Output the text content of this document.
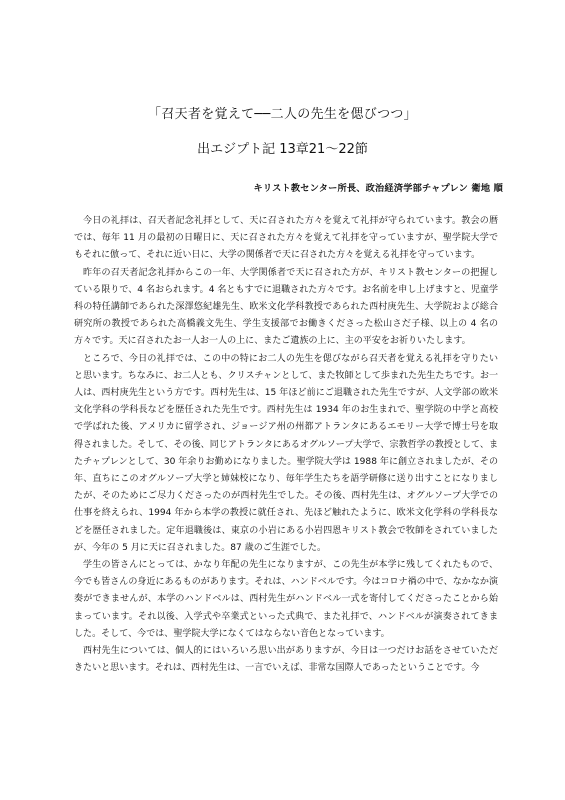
「召天者を覚えて──二人の先生を偲びつつ」
出エジプト記 13章21～22節
キリスト教センター所長、政治経済学部チャプレン 衛地 順

今日の礼拝は、召天者記念礼拝として、天に召された方々を覚えて礼拝が守られています。教会の暦では、毎年 11 月の最初の日曜日に、天に召された方々を覚えて礼拝を守っていますが、聖学院大学でもそれに倣って、それに近い日に、大学の関係者で天に召された方々を覚える礼拝を守っています。

昨年の召天者記念礼拝からこの一年、大学関係者で天に召された方が、キリスト教センターの把握している限りで、4 名おられます。4 名ともすでに退職された方々です。お名前を申し上げますと、児童学科の特任講師であられた深澤悠紀雄先生、欧米文化学科教授であられた西村庚先生、大学院および総合研究所の教授であられた高橋義文先生、学生支援部でお働きくださった松山さだ子様、以上の 4 名の方々です。天に召されたお一人お一人の上に、またご遺族の上に、主の平安をお祈りいたします。

ところで、今日の礼拝では、この中の特にお二人の先生を偲びながら召天者を覚える礼拝を守りたいと思います。ちなみに、お二人とも、クリスチャンとして、また牧師として歩まれた先生たちです。お一人は、西村庚先生という方です。西村先生は、15 年ほど前にご退職された先生ですが、人文学部の欧米文化学科の学科長などを歴任された先生です。西村先生は 1934 年のお生まれで、聖学院の中学と高校で学ばれた後、アメリカに留学され、ジョージア州の州都アトランタにあるエモリー大学で博士号を取得されました。そして、その後、同じアトランタにあるオグルソープ大学で、宗教哲学の教授として、またチャプレンとして、30 年余りお勤めになりました。聖学院大学は 1988 年に創立されましたが、その年、直ちにこのオグルソープ大学と姉妹校になり、毎年学生たちを語学研修に送り出すことになりましたが、そのためにご尽力くださったのが西村先生でした。その後、西村先生は、オグルソープ大学での仕事を終えられ、1994 年から本学の教授に就任され、先ほど触れたように、欧米文化学科の学科長などを歴任されました。定年退職後は、東京の小岩にある小岩四恩キリスト教会で牧師をされていましたが、今年の 5 月に天に召されました。87 歳のご生涯でした。

学生の皆さんにとっては、かなり年配の先生になりますが、この先生が本学に残してくれたもので、今でも皆さんの身近にあるものがあります。それは、ハンドベルです。今はコロナ禍の中で、なかなか演奏ができませんが、本学のハンドベルは、西村先生がハンドベル一式を寄付してくださったことから始まっています。それ以後、入学式や卒業式といった式典で、また礼拝で、ハンドベルが演奏されてきました。そして、今では、聖学院大学になくてはならない音色となっています。

西村先生については、個人的にはいろいろ思い出がありますが、今日は一つだけお話をさせていただきたいと思います。それは、西村先生は、一言でいえば、非常な国際人であったということです。今
